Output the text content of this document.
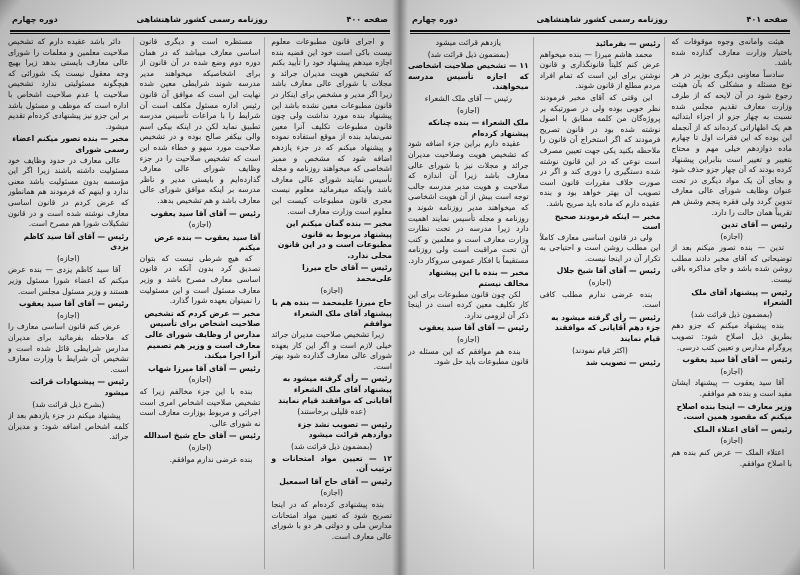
صفحه ۴۰۰
روزنامه رسمی کشور شاهنشاهی
دوره چهارم
و اجرای قانون مطبوعات معلوم نیست باکی است خود این قضیه بنده اجازه میدهم پیشنهاد خود را تأیید بکنم که تشخیص هویت مدیران جرائد و مجلات با شورای عالی معارف باشد زیرا اگر مدیر و مشخص برای اینکار در قانون مطبوعات معین نشده باشد این پیشنهاد بنده مورد نداشت ولی چون قانون مطبوعات تکلیف آنرا معین نمی‌نماید بنده از موقع استفاده نموده و پیشنهاد میکنم که در جزء یازدهم اضافه شود که مشخص و ممیز اشخاصی که میخواهند روزنامه و مجله تأسیس نمایند شورای عالی معارف باشد واینکه میفرمائید معلوم نیست مجری قانون مطبوعات کیست این معلوم است وزارت معارف است.
مخبر — بنده گمان میکنم این پیشنهاد مربوط به قانون مطبوعات است و در این قانون محلی ندارد.
رئیس — آقای حاج میرزا علی‌محمد
(اجازه)
حاج میرزا علیمحمد — بنده هم با پیشنهاد آقای ملک الشعراء موافقم
زیرا تشخیص صلاحیت مدیران جرائد خیلی لازم است و اگر این کار بعهده شورای عالی معارف گذارده شود بهتر است.
رئیس — رأی گرفته میشود به پیشنهاد آقای ملک الشعراء آقایانی که موافقند قیام نمایند
(عده قلیلی برخاستند)
رئیس — تصویب نشد جزء دوازدهم قرائت میشود
(بمضمون ذیل قرائت شد)
۱۲ — تعیین مواد امتحانات و ترتیب آن.
رئیس — آقای حاج آقا اسمعیل
(اجازه)
بنده پیشنهادی کرده‌ام که در اینجا تصریح شود که تعیین مواد امتحانات مدارس ملی و دولتی هر دو با شورای عالی معارف است.
مستظره است و دیگری قانون اساسی معارف میباشد که در همان دوره دوم وضع شده در آن قانون از برای اشخاصیکه میخواهند مدیر مدرسه شوند شرایطی معین شده نهایت این است که موافق آن قانون رئیس اداره مسئول مکلف است آن شرایط را با مراعات تأسیس مدرسه تطبیق نماید لکن در اینکه بیکی اسم والی بیکفر صالح بوده و در تشخیص صلاحیت مورد سهو و خطاء شده این است که تشخیص صلاحیت را در جزء وظایف شورای عالی معارف گذارده‌ایم و بایستی مدیر و ناظر مدرسه بر اینکه موافق شورای عالی معارف باشد و هم تشخیص بدهد.
رئیس — آقای آقا سید یعقوب
(اجازه)
آقا سید یعقوب — بنده عرض میکنم
که هیچ شرطی نیست که بتوان تصدیق کرد بدون آنکه در قانون اساسی معارف مصرح باشد و وزیر معارف مسئول است و این مسئولیت را نمیتوان بعهده شورا گذارد.
مخبر — عرض کردم که تشخیص صلاحیت اشخاص برای تأسیس مدارس از وظایف شورای عالی معارف است و وزیر هم تصمیم آنرا اجرا میکند.
رئیس — آقای آقا میرزا شهاب
(اجازه)
بنده با این جزء مخالفم زیرا که تشخیص صلاحیت اشخاص امری است اجرائی و مربوط بوزارت معارف است نه شورای عالی.
رئیس — آقای حاج شیخ اسدالله
(اجازه)
بنده عرضی ندارم موافقم.
دائر باشد عقیده دارم که تشخیص صلاحیت معلمین و معلمات را شورای عالی معارف بایستی بدهد زیرا بهیچ وجه معقول نیست یک شورائی که هیچگونه مسئولیتی ندارد تشخیص صلاحیت یا عدم صلاحیت اشخاص با اداره است که موظف و مسئول باشد بر این جزو نیز پیشنهادی کرده‌ام تقدیم میشود.
مخبر — بنده تصور میکنم اعضاء رسمی شورای
عالی معارف در حدود وظایف خود مسئولیت داشته باشند زیرا اگر این مؤسسه بدون مسئولیت باشد معنی ندارد و اینهم که فرمودند هم همانطور که عرض کردم در قانون اساسی معارف نوشته شده است و در قانون تشکیلات شورا هم مصرح است.
رئیس — آقای آقا سید کاظم یزدی
(اجازه)
آقا سید کاظم یزدی — بنده عرض میکنم که اعضاء شورا مسئول وزیر هستند و وزیر مسئول مجلس است.
رئیس — آقای آقا سید یعقوب
(اجازه)
عرض کنم قانون اساسی معارف را که ملاحظه بفرمائید برای مدیران مدارس شرایطی قائل شده است و تشخیص آن شرایط با وزارت معارف است.
رئیس — پیشنهادات قرائت میشود
(بشرح ذیل قرائت شد)
پیشنهاد میکنم در جزء یازدهم بعد از کلمه اشخاص اضافه شود: و مدیران جرائد.
صفحه ۴۰۱
روزنامه رسمی کشور شاهنشاهی
دوره چهارم
هیئت وامانه‌ی وجوه موقوفات که باختیار وزارت معارف گذارده شده باشد.
سادساً معاونی دیگری بوزیر در هر نوع مسئله و مشکلی که بآن هیئت رجوع شود در آن لایحه که از طرف وزارت معارف تقدیم مجلس شده نسبت به چهار جزو از اجزاء ابتدائیه هم یک اظهاراتی کرده‌اند که از آنجمله این بوده که این فقرات اول تا چهارم ماده دوازدهم خیلی مهم و محتاج بتغییر و تغییر است بنابراین پیشنهاد کرده بودند که آن چهار جزو حذف شود و بجای آن یک مواد دیگری در تحت عنوان وظایف شورای عالی معارف تدوین گردد ولی فقره پنجم وشش هم تقریباً همان حالت را دارد.
رئیس — آقای تدین
(اجازه)
تدین — بنده تصور میکنم بعد از توضیحاتی که آقای مخبر دادند مطلب روشن شده باشد و جای مذاکره باقی نیست.
رئیس — پیشنهاد آقای ملک الشعراء
(بمضمون ذیل قرائت شد)
بنده پیشنهاد میکنم که جزو دهم بطریق ذیل اصلاح شود: تصویب پروگرام مدارس و تعیین کتب درسی.
رئیس — آقای آقا سید یعقوب
(اجازه)
آقا سید یعقوب — پیشنهاد ایشان مفید است و بنده هم موافقم.
وزیر معارف — اینجا بنده اصلاح میکنم که مقصود همین است.
رئیس — آقای اعتلاء الملک
(اجازه)
اعتلاء الملک — عرض کنم بنده هم با اصلاح موافقم.
رئیس — بفرمائید
محمد هاشم میرزا — بنده میخواهم عرض کنم کلیتاً قانونگذاری و قانون نوشتن برای این است که تمام افراد مردم مطلع از قانون شوند.
این وقتی که آقای مخبر فرمودند نظر خوبی بوده ولی در صورتیکه بر پروژه‌گان من کلمه مطابق با اصول نوشته شده بود در قانون تصریح فرمودند که اگر استخراج آن قانون را ملاحظه بکنید یکی جهت تعیین مصرف است نوعی که در این قانون نوشته شده دستگیری را دوری کند و اگر در صورت خلاف مقررات قانون است تصویب آن بهتر خواهد بود و بنده عقیده دارم که ماده باید صریح باشد.
مخبر — اینکه فرمودند صحیح است
ولی در قانون اساسی معارف کاملاً این مطلب روشن است و احتیاجی به تکرار آن در اینجا نیست.
رئیس — آقای آقا شیخ جلال
(اجازه)
بنده عرضی ندارم مطلب کافی است.
رئیس — رأی گرفته میشود به جزء دهم آقایانی که موافقند قیام نمایند
(اکثر قیام نمودند)
رئیس — تصویب شد
یازدهم قرائت میشود
(بمضمون ذیل قرائت شد)
۱۱ — تشخیص صلاحیت اشخاصی که اجازه تأسیس مدرسه میخواهند.
رئیس — آقای ملک الشعراء
(اجازه)
ملک الشعراء — بنده چنانکه پیشنهاد کرده‌ام
عقیده دارم براین جزء اضافه شود که تشخیص هویت وصلاحیت مدیران جرائد و مجلات نیز با شورای عالی معارف باشد زیرا آن اندازه که صلاحیت و هویت مدیر مدرسه جالب توجه است بیش از آن هویت اشخاصی که میخواهند مدیر روزنامه شوند و روزنامه و مجله تأسیس نمایند اهمیت دارد زیرا مدرسه در تحت نظارت وزارت معارف است و معلمین و کتب آن تحت مراقبت است ولی روزنامه مستقیماً با افکار عمومی سروکار دارد.
مخبر — بنده با این پیشنهاد مخالف نیستم
لکن چون قانون مطبوعات برای این کار تکلیف معین کرده است در اینجا ذکر آن لزومی ندارد.
رئیس — آقای آقا سید یعقوب
(اجازه)
بنده هم موافقم که این مسئله در قانون مطبوعات باید حل شود.
